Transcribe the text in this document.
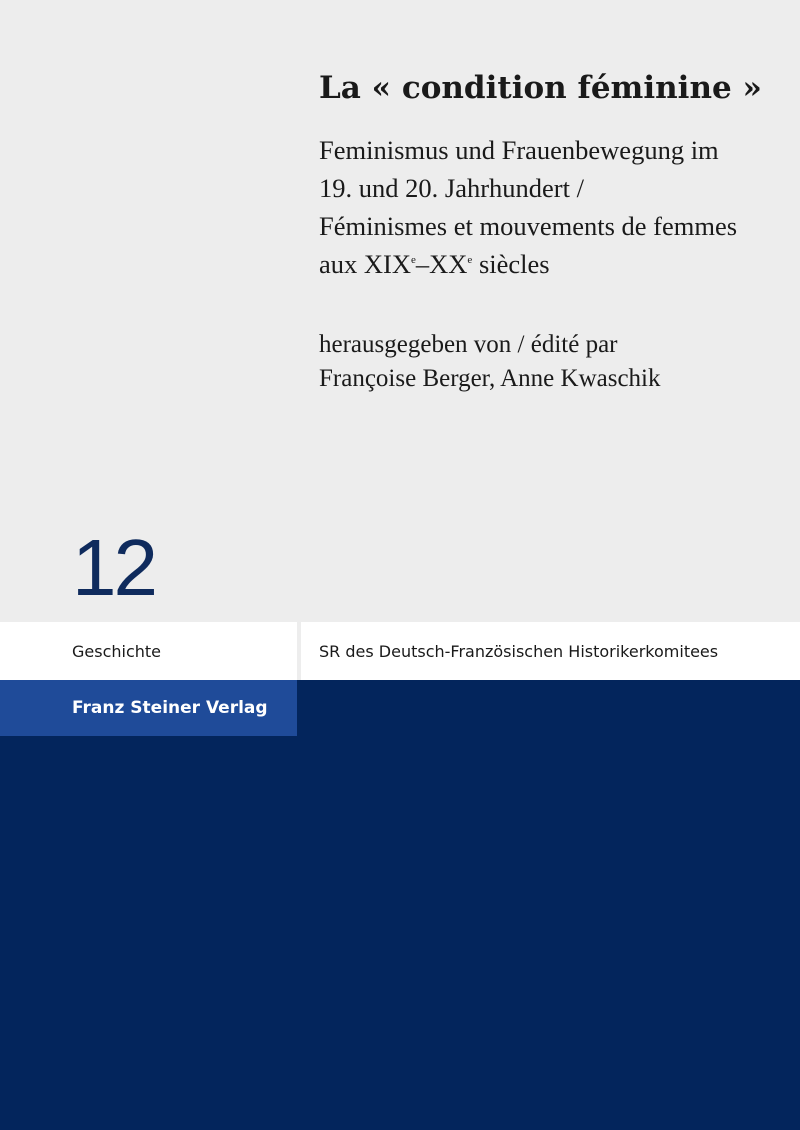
La « condition féminine »
Feminismus und Frauenbewegung im
19. und 20. Jahrhundert /
Féminismes et mouvements de femmes
aux XIXe–XXe siècles
herausgegeben von / édité par
Françoise Berger, Anne Kwaschik
12
Geschichte	SR des Deutsch-Französischen Historikerkomitees
Franz Steiner Verlag
